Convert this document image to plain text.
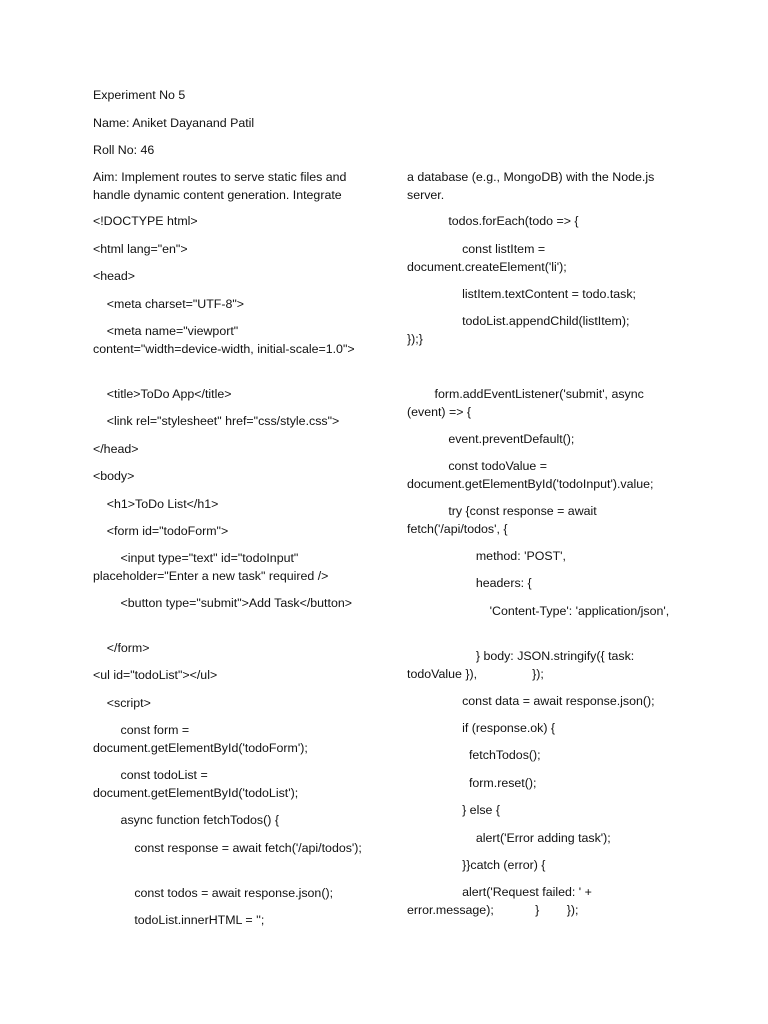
Experiment No 5

Name: Aniket Dayanand Patil

Roll No: 46

Aim: Implement routes to serve static files and handle dynamic content generation. Integrate

<!DOCTYPE html>

<html lang="en">

<head>

<meta charset="UTF-8">

<meta name="viewport" content="width=device-width, initial-scale=1.0">

<title>ToDo App</title>

<link rel="stylesheet" href="css/style.css">

</head>

<body>

<h1>ToDo List</h1>

<form id="todoForm">

<input type="text" id="todoInput" placeholder="Enter a new task" required />

<button type="submit">Add Task</button>

</form>

<ul id="todoList"></ul>

<script>

const form = document.getElementById('todoForm');

const todoList = document.getElementById('todoList');

async function fetchTodos() {

const response = await fetch('/api/todos');

const todos = await response.json();

todoList.innerHTML = '';

a database (e.g., MongoDB) with the Node.js server.

todos.forEach(todo => {

const listItem = document.createElement('li');

listItem.textContent = todo.task;

todoList.appendChild(listItem);
});}

form.addEventListener('submit', async (event) => {

event.preventDefault();

const todoValue = document.getElementById('todoInput').value;

try {const response = await fetch('/api/todos', {

method: 'POST',

headers: {

'Content-Type': 'application/json',

} body: JSON.stringify({ task: todoValue }),                });

const data = await response.json();

if (response.ok) {

fetchTodos();

form.reset();

} else {

alert('Error adding task');

}}catch (error) {

alert('Request failed: ' + error.message);            }        });
